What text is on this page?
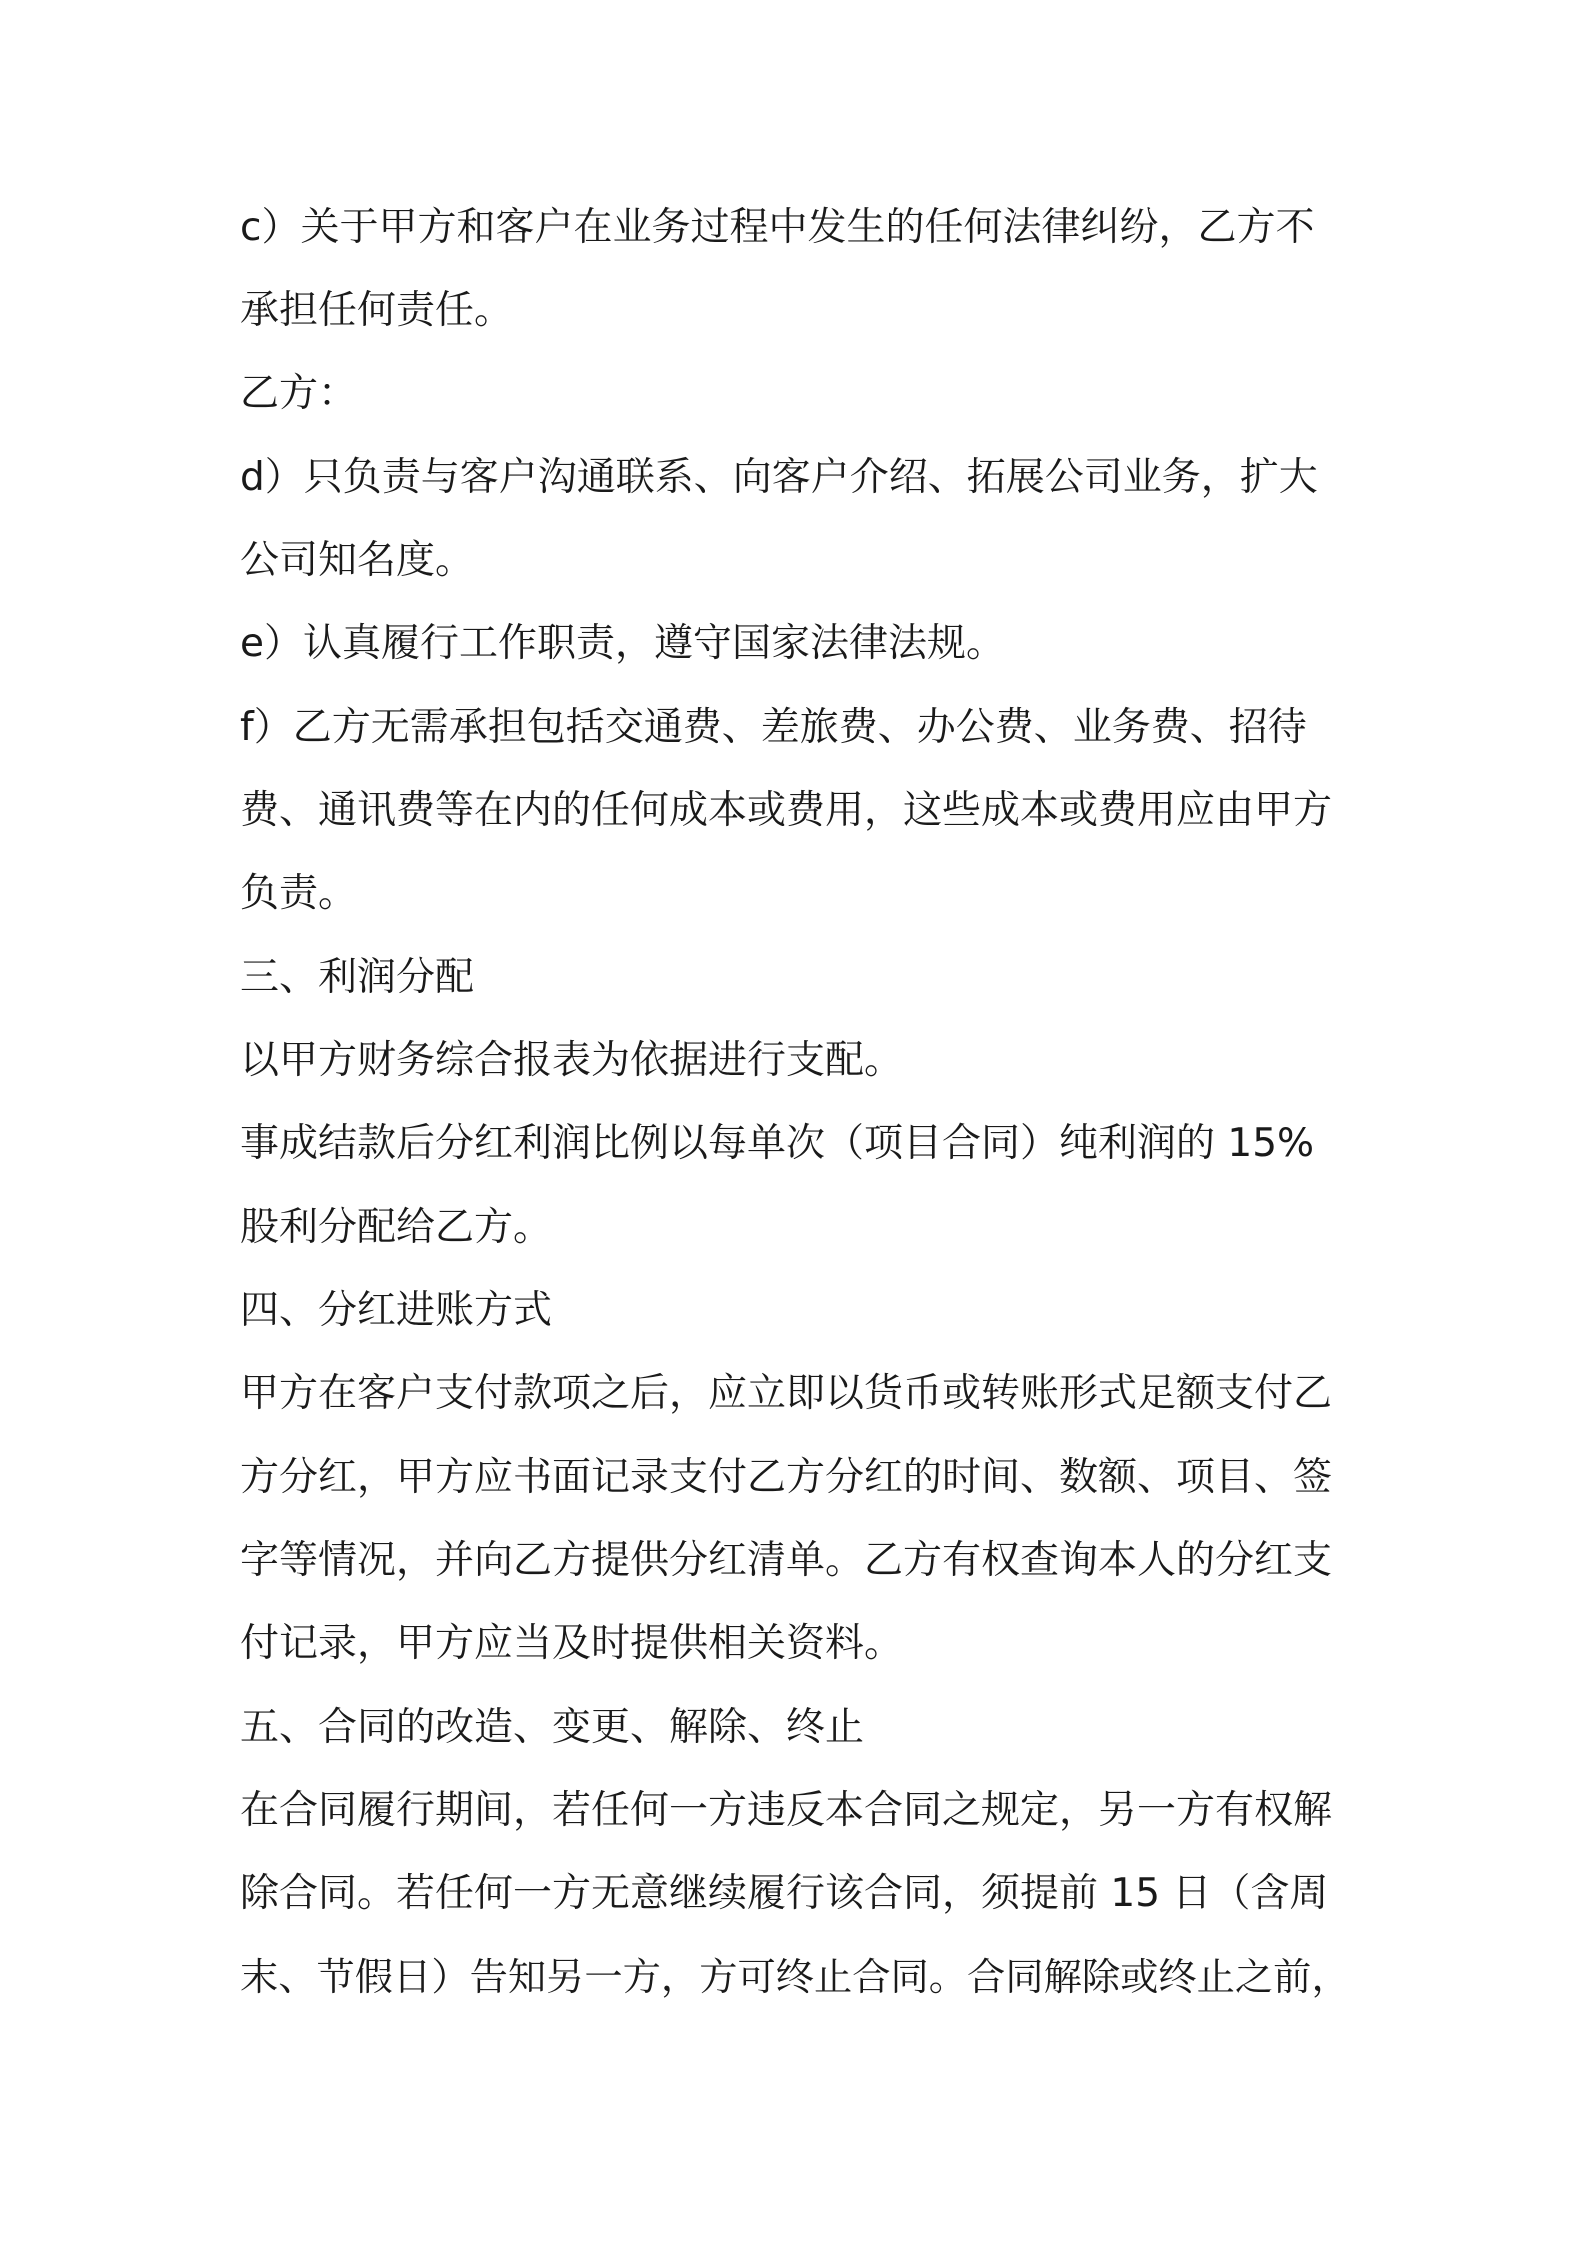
c）关于甲方和客户在业务过程中发生的任何法律纠纷，乙方不
承担任何责任。
乙方：
d）只负责与客户沟通联系、向客户介绍、拓展公司业务，扩大
公司知名度。
e）认真履行工作职责，遵守国家法律法规。
f）乙方无需承担包括交通费、差旅费、办公费、业务费、招待
费、通讯费等在内的任何成本或费用，这些成本或费用应由甲方
负责。
三、利润分配
以甲方财务综合报表为依据进行支配。
事成结款后分红利润比例以每单次（项目合同）纯利润的 15%
股利分配给乙方。
四、分红进账方式
甲方在客户支付款项之后，应立即以货币或转账形式足额支付乙
方分红，甲方应书面记录支付乙方分红的时间、数额、项目、签
字等情况，并向乙方提供分红清单。乙方有权查询本人的分红支
付记录，甲方应当及时提供相关资料。
五、合同的改造、变更、解除、终止
在合同履行期间，若任何一方违反本合同之规定，另一方有权解
除合同。若任何一方无意继续履行该合同，须提前 15 日（含周
末、节假日）告知另一方，方可终止合同。合同解除或终止之前，
